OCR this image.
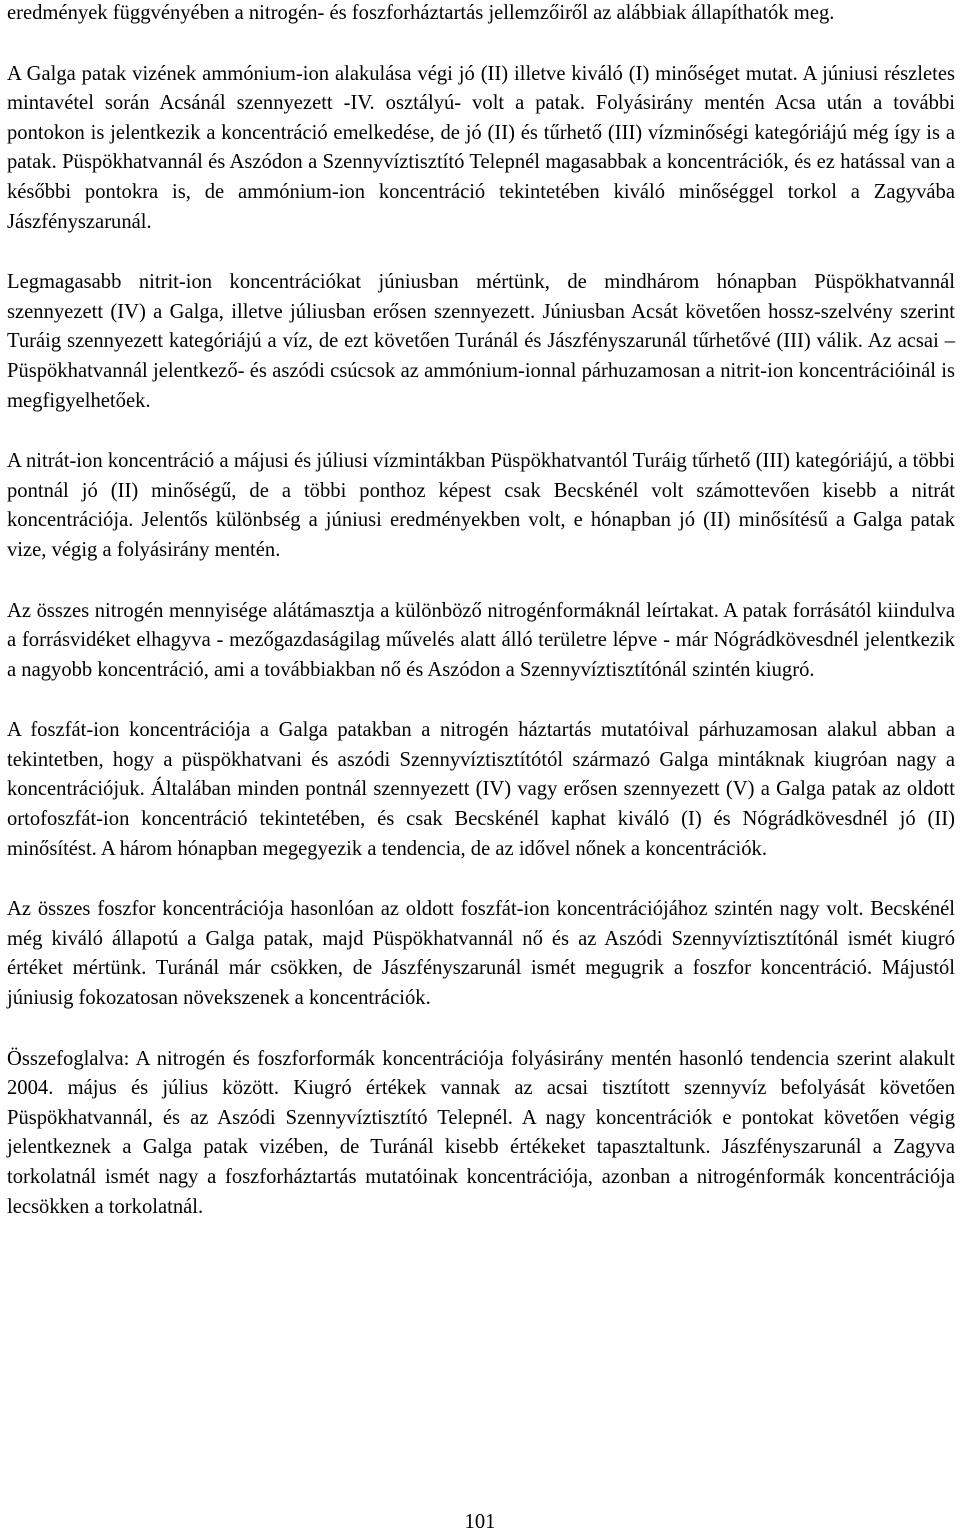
eredmények függvényében a nitrogén- és foszforháztartás jellemzőiről az alábbiak állapíthatók meg.

A Galga patak vizének ammónium-ion alakulása végi jó (II) illetve kiváló (I) minőséget mutat. A júniusi részletes mintavétel során Acsánál szennyezett -IV. osztályú- volt a patak. Folyásirány mentén Acsa után a további pontokon is jelentkezik a koncentráció emelkedése, de jó (II) és tűrhető (III) vízminőségi kategóriájú még így is a patak. Püspökhatvannál és Aszódon a Szennyvíztisztító Telepnél magasabbak a koncentrációk, és ez hatással van a későbbi pontokra is, de ammónium-ion koncentráció tekintetében kiváló minőséggel torkol a Zagyvába Jászfényszarunál.

Legmagasabb nitrit-ion koncentrációkat júniusban mértünk, de mindhárom hónapban Püspökhatvannál szennyezett (IV) a Galga, illetve júliusban erősen szennyezett. Júniusban Acsát követően hossz-szelvény szerint Turáig szennyezett kategóriájú a víz, de ezt követően Turánál és Jászfényszarunál tűrhetővé (III) válik. Az acsai –Püspökhatvannál jelentkező- és aszódi csúcsok az ammónium-ionnal párhuzamosan a nitrit-ion koncentrációinál is megfigyelhetőek.

A nitrát-ion koncentráció a májusi és júliusi vízmintákban Püspökhatvantól Turáig tűrhető (III) kategóriájú, a többi pontnál jó (II) minőségű, de a többi ponthoz képest csak Becskénél volt számottevően kisebb a nitrát koncentrációja. Jelentős különbség a júniusi eredményekben volt, e hónapban jó (II) minősítésű a Galga patak vize, végig a folyásirány mentén.

Az összes nitrogén mennyisége alátámasztja a különböző nitrogénformáknál leírtakat. A patak forrásától kiindulva a forrásvidéket elhagyva - mezőgazdaságilag művelés alatt álló területre lépve - már Nógrádkövesdnél jelentkezik a nagyobb koncentráció, ami a továbbiakban nő és Aszódon a Szennyvíztisztítónál szintén kiugró.

A foszfát-ion koncentrációja a Galga patakban a nitrogén háztartás mutatóival párhuzamosan alakul abban a tekintetben, hogy a püspökhatvani és aszódi Szennyvíztisztítótól származó Galga mintáknak kiugróan nagy a koncentrációjuk. Általában minden pontnál szennyezett (IV) vagy erősen szennyezett (V) a Galga patak az oldott ortofoszfát-ion koncentráció tekintetében, és csak Becskénél kaphat kiváló (I) és Nógrádkövesdnél jó (II) minősítést. A három hónapban megegyezik a tendencia, de az idővel nőnek a koncentrációk.

Az összes foszfor koncentrációja hasonlóan az oldott foszfát-ion koncentrációjához szintén nagy volt. Becskénél még kiváló állapotú a Galga patak, majd Püspökhatvannál nő és az Aszódi Szennyvíztisztítónál ismét kiugró értéket mértünk. Turánál már csökken, de Jászfényszarunál ismét megugrik a foszfor koncentráció. Májustól júniusig fokozatosan növekszenek a koncentrációk.

Összefoglalva: A nitrogén és foszforformák koncentrációja folyásirány mentén hasonló tendencia szerint alakult 2004. május és július között. Kiugró értékek vannak az acsai tisztított szennyvíz befolyását követően Püspökhatvannál, és az Aszódi Szennyvíztisztító Telepnél. A nagy koncentrációk e pontokat követően végig jelentkeznek a Galga patak vizében, de Turánál kisebb értékeket tapasztaltunk. Jászfényszarunál a Zagyva torkolatnál ismét nagy a foszforháztartás mutatóinak koncentrációja, azonban a nitrogénformák koncentrációja lecsökken a torkolatnál.

101
